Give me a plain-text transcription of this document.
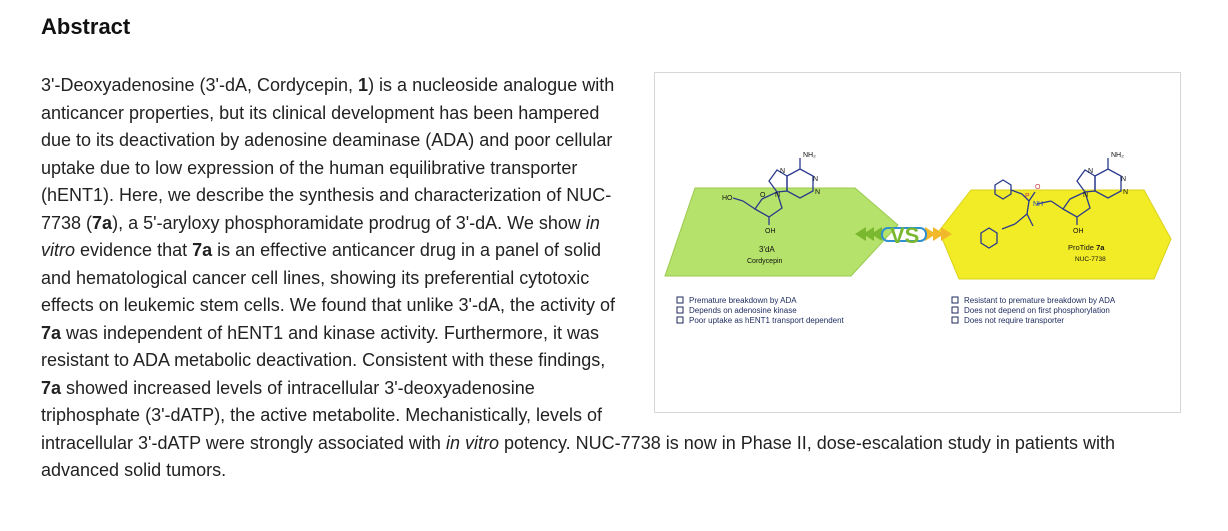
Abstract
NH₂
N
N
N
N
HO	O
OH
3'dA
Cordycepin
VS
NH₂
N
N
N
N
O
P
NH
OH
ProTide 7a
NUC-7738
Premature breakdown by ADA
Depends on adenosine kinase
Poor uptake as hENT1 transport dependent
Resistant to premature breakdown by ADA
Does not depend on first phosphorylation
Does not require transporter
3'-Deoxyadenosine (3'-dA, Cordycepin, 1) is a nucleoside analogue with anticancer properties, but its clinical development has been hampered due to its deactivation by adenosine deaminase (ADA) and poor cellular uptake due to low expression of the human equilibrative transporter (hENT1). Here, we describe the synthesis and characterization of NUC-7738 (7a), a 5'-aryloxy phosphoramidate prodrug of 3'-dA. We show in vitro evidence that 7a is an effective anticancer drug in a panel of solid and hematological cancer cell lines, showing its preferential cytotoxic effects on leukemic stem cells. We found that unlike 3'-dA, the activity of 7a was independent of hENT1 and kinase activity. Furthermore, it was resistant to ADA metabolic deactivation. Consistent with these findings, 7a showed increased levels of intracellular 3'-deoxyadenosine triphosphate (3'-dATP), the active metabolite. Mechanistically, levels of intracellular 3'-dATP were strongly associated with in vitro potency. NUC-7738 is now in Phase II, dose-escalation study in patients with advanced solid tumors.
